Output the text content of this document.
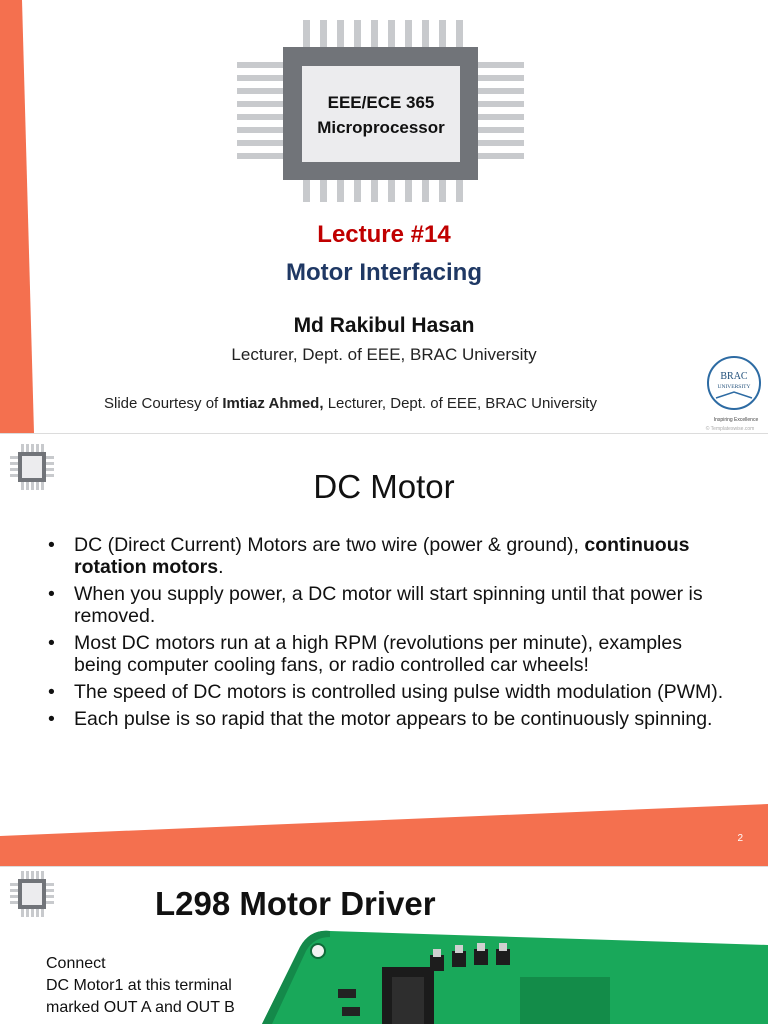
BRAC
UNIVERSITY
Inspiring Excellence
© Templateswise.com
EEE/ECE 365
Microprocessor
Lecture #14
Motor Interfacing
Md Rakibul Hasan
Lecturer, Dept. of EEE, BRAC University
Slide Courtesy of Imtiaz Ahmed, Lecturer, Dept. of EEE, BRAC University
DC Motor
• DC (Direct Current) Motors are two wire (power & ground), continuous rotation motors.
• When you supply power, a DC motor will start spinning until that power is removed.
• Most DC motors run at a high RPM (revolutions per minute), examples being computer cooling fans, or radio controlled car wheels!
• The speed of DC motors is controlled using pulse width modulation (PWM).
• Each pulse is so rapid that the motor appears to be continuously spinning.
2
L298 Motor Driver
Connect
DC Motor1 at this terminal
marked OUT A and OUT B
